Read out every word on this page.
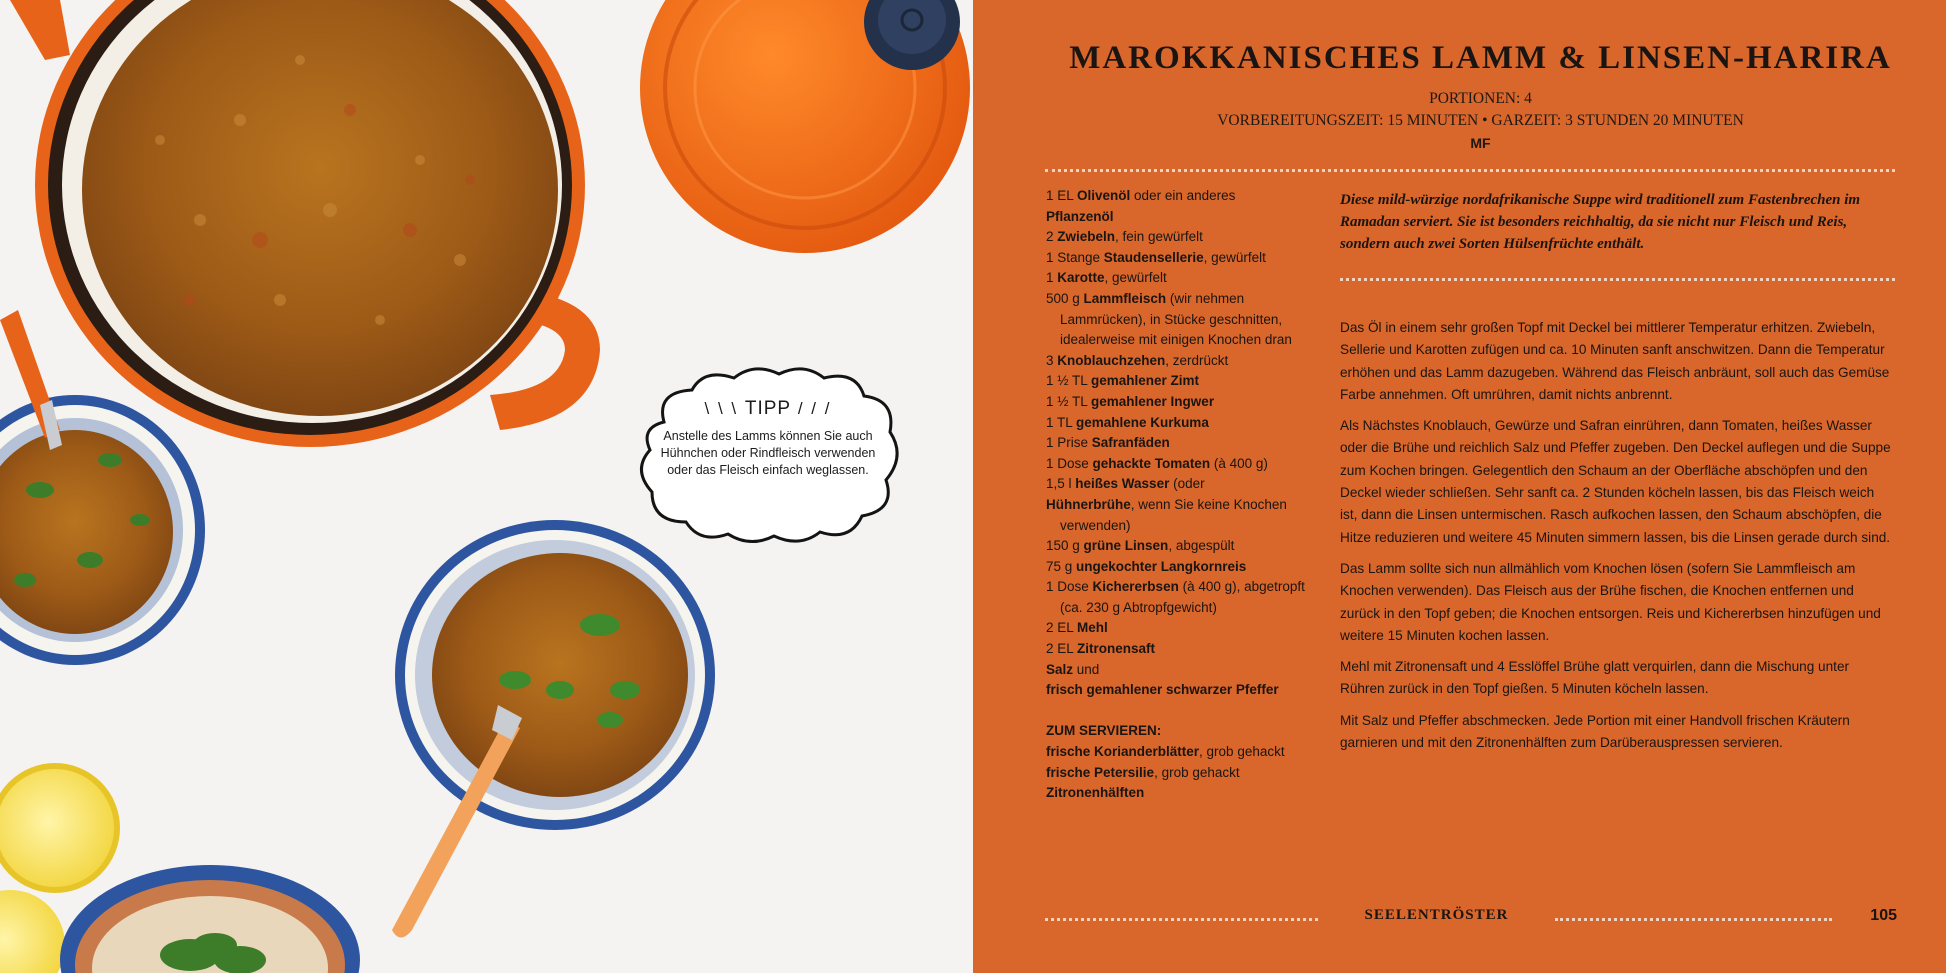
\ \ \ TIPP / / /
Anstelle des Lamms können Sie auch Hühnchen oder Rindfleisch verwenden oder das Fleisch einfach weglassen.
MAROKKANISCHES LAMM & LINSEN-HARIRA
PORTIONEN: 4
VORBEREITUNGSZEIT: 15 MINUTEN • GARZEIT: 3 STUNDEN 20 MINUTEN
MF
1 EL Olivenöl oder ein anderes
Pflanzenöl
2 Zwiebeln, fein gewürfelt
1 Stange Staudensellerie, gewürfelt
1 Karotte, gewürfelt
500 g Lammfleisch (wir nehmen Lammrücken), in Stücke geschnitten, idealerweise mit einigen Knochen dran
3 Knoblauchzehen, zerdrückt
1 ½ TL gemahlener Zimt
1 ½ TL gemahlener Ingwer
1 TL gemahlene Kurkuma
1 Prise Safranfäden
1 Dose gehackte Tomaten (à 400 g)
1,5 l heißes Wasser (oder
Hühnerbrühe, wenn Sie keine Knochen verwenden)
150 g grüne Linsen, abgespült
75 g ungekochter Langkornreis
1 Dose Kichererbsen (à 400 g), abgetropft (ca. 230 g Abtropfgewicht)
2 EL Mehl
2 EL Zitronensaft
Salz und
frisch gemahlener schwarzer Pfeffer
ZUM SERVIEREN:
frische Korianderblätter, grob gehackt
frische Petersilie, grob gehackt
Zitronenhälften
Diese mild-würzige nordafrikanische Suppe wird traditionell zum Fastenbrechen im Ramadan serviert. Sie ist besonders reichhaltig, da sie nicht nur Fleisch und Reis, sondern auch zwei Sorten Hülsenfrüchte enthält.

Das Öl in einem sehr großen Topf mit Deckel bei mittlerer Temperatur erhitzen. Zwiebeln, Sellerie und Karotten zufügen und ca. 10 Minuten sanft anschwitzen. Dann die Temperatur erhöhen und das Lamm dazugeben. Während das Fleisch anbräunt, soll auch das Gemüse Farbe annehmen. Oft umrühren, damit nichts anbrennt.

Als Nächstes Knoblauch, Gewürze und Safran einrühren, dann Tomaten, heißes Wasser oder die Brühe und reichlich Salz und Pfeffer zugeben. Den Deckel auflegen und die Suppe zum Kochen bringen. Gelegentlich den Schaum an der Oberfläche abschöpfen und den Deckel wieder schließen. Sehr sanft ca. 2 Stunden köcheln lassen, bis das Fleisch weich ist, dann die Linsen untermischen. Rasch aufkochen lassen, den Schaum abschöpfen, die Hitze reduzieren und weitere 45 Minuten simmern lassen, bis die Linsen gerade durch sind.

Das Lamm sollte sich nun allmählich vom Knochen lösen (sofern Sie Lammfleisch am Knochen verwenden). Das Fleisch aus der Brühe fischen, die Knochen entfernen und zurück in den Topf geben; die Knochen entsorgen. Reis und Kichererbsen hinzufügen und weitere 15 Minuten kochen lassen.

Mehl mit Zitronensaft und 4 Esslöffel Brühe glatt verquirlen, dann die Mischung unter Rühren zurück in den Topf gießen. 5 Minuten köcheln lassen.

Mit Salz und Pfeffer abschmecken. Jede Portion mit einer Handvoll frischen Kräutern garnieren und mit den Zitronenhälften zum Darüberauspressen servieren.

SEELENTRÖSTER	105
